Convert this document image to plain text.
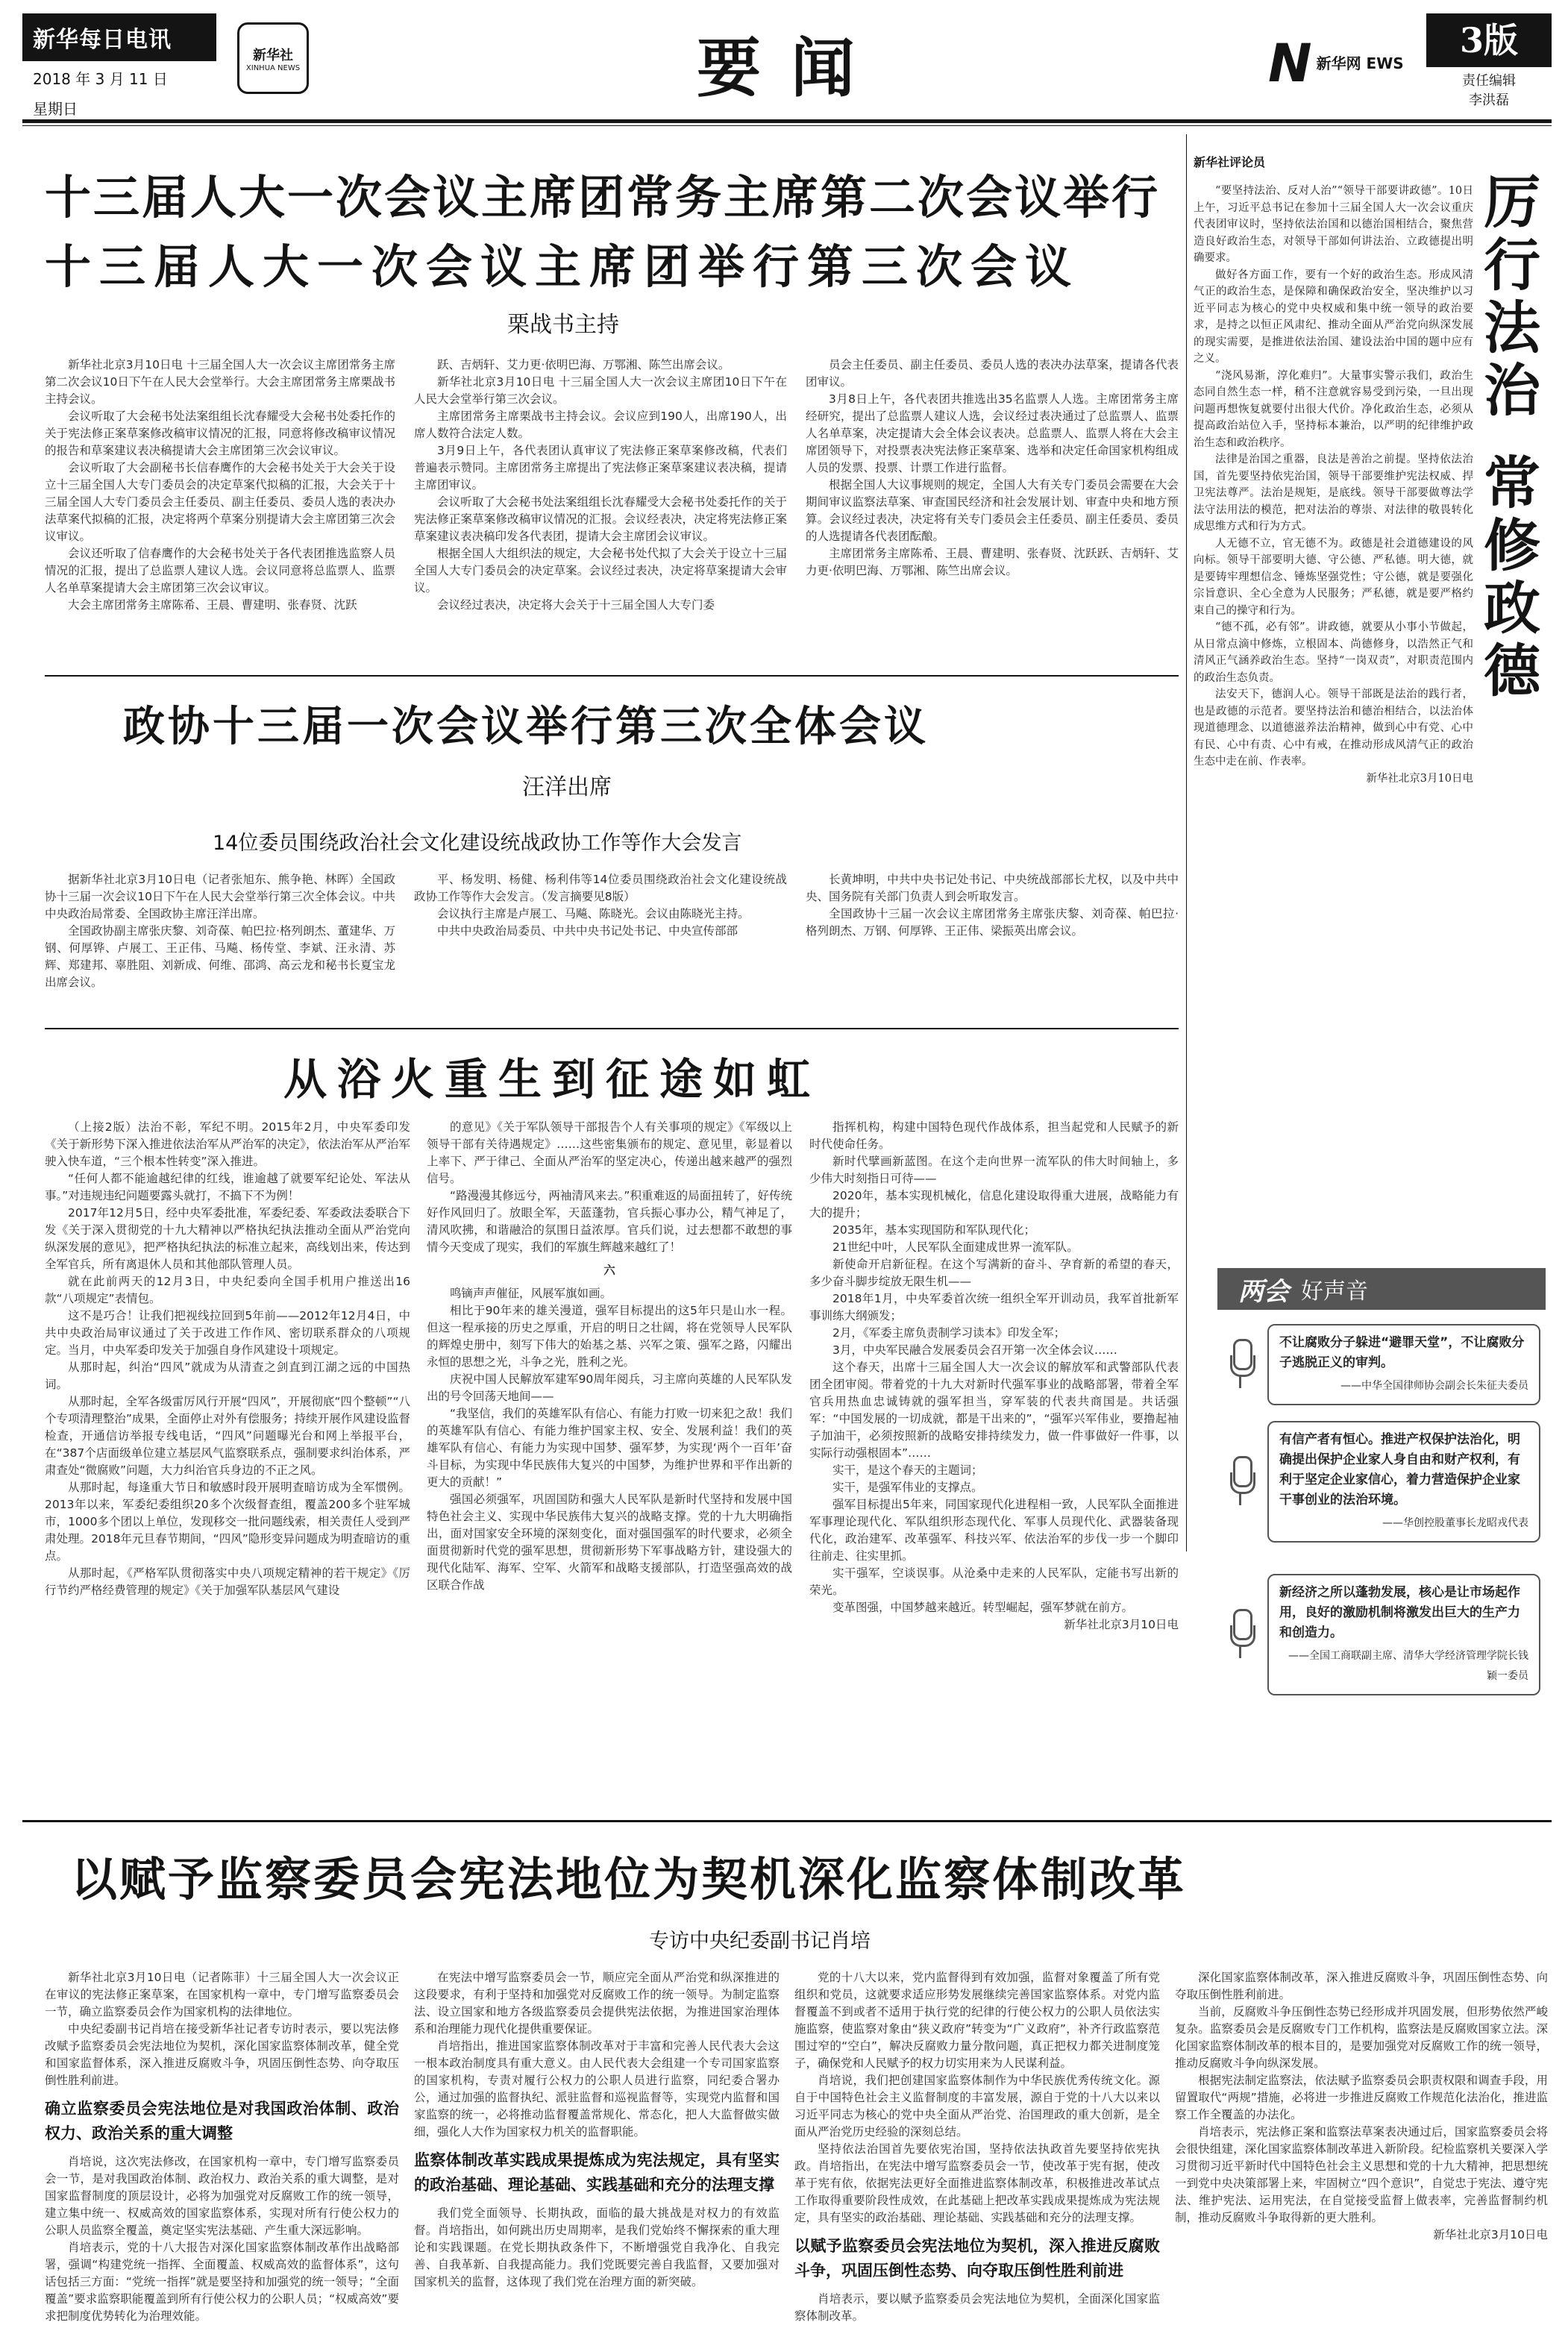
新华每日电讯
2018 年 3 月 11 日
星期日
新华社
XINHUA NEWS	要闻	N 新华网 EWS
3版
责任编辑
李洪磊
十三届人大一次会议主席团常务主席第二次会议举行
十三届人大一次会议主席团举行第三次会议
栗战书主持

新华社北京3月10日电 十三届全国人大一次会议主席团常务主席第二次会议10日下午在人民大会堂举行。大会主席团常务主席栗战书主持会议。

会议听取了大会秘书处法案组组长沈春耀受大会秘书处委托作的关于宪法修正案草案修改稿审议情况的汇报，同意将修改稿审议情况的报告和草案建议表决稿提请大会主席团第三次会议审议。

会议听取了大会副秘书长信春鹰作的大会秘书处关于大会关于设立十三届全国人大专门委员会的决定草案代拟稿的汇报，大会关于十三届全国人大专门委员会主任委员、副主任委员、委员人选的表决办法草案代拟稿的汇报，决定将两个草案分别提请大会主席团第三次会议审议。

会议还听取了信春鹰作的大会秘书处关于各代表团推选监察人员情况的汇报，提出了总监票人建议人选。会议同意将总监票人、监票人名单草案提请大会主席团第三次会议审议。

大会主席团常务主席陈希、王晨、曹建明、张春贤、沈跃

跃、吉炳轩、艾力更·依明巴海、万鄂湘、陈竺出席会议。

新华社北京3月10日电 十三届全国人大一次会议主席团10日下午在人民大会堂举行第三次会议。

主席团常务主席栗战书主持会议。会议应到190人，出席190人，出席人数符合法定人数。

3月9日上午，各代表团认真审议了宪法修正案草案修改稿，代表们普遍表示赞同。主席团常务主席提出了宪法修正案草案建议表决稿，提请主席团审议。

会议听取了大会秘书处法案组组长沈春耀受大会秘书处委托作的关于宪法修正案草案修改稿审议情况的汇报。会议经表决，决定将宪法修正案草案建议表决稿印发各代表团，提请大会主席团会议审议。

根据全国人大组织法的规定，大会秘书处代拟了大会关于设立十三届全国人大专门委员会的决定草案。会议经过表决，决定将草案提请大会审议。

会议经过表决，决定将大会关于十三届全国人大专门委

员会主任委员、副主任委员、委员人选的表决办法草案，提请各代表团审议。

3月8日上午，各代表团共推选出35名监票人人选。主席团常务主席经研究，提出了总监票人建议人选，会议经过表决通过了总监票人、监票人名单草案，决定提请大会全体会议表决。总监票人、监票人将在大会主席团领导下，对投票表决宪法修正案草案、选举和决定任命国家机构组成人员的发票、投票、计票工作进行监督。

根据全国人大议事规则的规定，全国人大有关专门委员会需要在大会期间审议监察法草案、审查国民经济和社会发展计划、审查中央和地方预算。会议经过表决，决定将有关专门委员会主任委员、副主任委员、委员的人选提请各代表团酝酿。

主席团常务主席陈希、王晨、曹建明、张春贤、沈跃跃、吉炳轩、艾力更·依明巴海、万鄂湘、陈竺出席会议。

政协十三届一次会议举行第三次全体会议
汪洋出席
14位委员围绕政治社会文化建设统战政协工作等作大会发言

据新华社北京3月10日电（记者张旭东、熊争艳、林晖）全国政协十三届一次会议10日下午在人民大会堂举行第三次全体会议。中共中央政治局常委、全国政协主席汪洋出席。

全国政协副主席张庆黎、刘奇葆、帕巴拉·格列朗杰、董建华、万钢、何厚铧、卢展工、王正伟、马飚、杨传堂、李斌、汪永清、苏辉、郑建邦、辜胜阻、刘新成、何维、邵鸿、高云龙和秘书长夏宝龙出席会议。

平、杨发明、杨健、杨利伟等14位委员围绕政治社会文化建设统战政协工作等作大会发言。（发言摘要见8版）

会议执行主席是卢展工、马飚、陈晓光。会议由陈晓光主持。

中共中央政治局委员、中共中央书记处书记、中央宣传部部

长黄坤明，中共中央书记处书记、中央统战部部长尤权，以及中共中央、国务院有关部门负责人到会听取发言。

全国政协十三届一次会议主席团常务主席张庆黎、刘奇葆、帕巴拉·格列朗杰、万钢、何厚铧、王正伟、梁振英出席会议。

从浴火重生到征途如虹

（上接2版）法治不彰，军纪不明。2015年2月，中央军委印发《关于新形势下深入推进依法治军从严治军的决定》，依法治军从严治军驶入快车道，“三个根本性转变”深入推进。

“任何人都不能逾越纪律的红线，谁逾越了就要军纪论处、军法从事。”对违规违纪问题要露头就打，不搞下不为例！

2017年12月5日，经中央军委批准，军委纪委、军委政法委联合下发《关于深入贯彻党的十九大精神以严格执纪执法推动全面从严治党向纵深发展的意见》，把严格执纪执法的标准立起来，高线划出来，传达到全军官兵，所有离退休人员和其他部队管理人员。

就在此前两天的12月3日，中央纪委向全国手机用户推送出16款“八项规定”表情包。

这不是巧合！让我们把视线拉回到5年前——2012年12月4日，中共中央政治局审议通过了关于改进工作作风、密切联系群众的八项规定。当月，中央军委印发关于加强自身作风建设十项规定。

从那时起，纠治“四风”就成为从清查之剑直到江湖之远的中国热词。

从那时起，全军各级雷厉风行开展“四风”，开展彻底“四个整顿”“八个专项清理整治”成果，全面停止对外有偿服务；持续开展作风建设监督检查，开通信访举报专线电话，“四风”问题曝光台和网上举报平台，在“387个店面级单位建立基层风气监察联系点，强制要求纠治体系，严肃查处“微腐败”问题，大力纠治官兵身边的不正之风。

从那时起，每逢重大节日和敏感时段开展明查暗访成为全军惯例。2013年以来，军委纪委组织20多个次级督查组，覆盖200多个驻军城市，1000多个团以上单位，发现移交一批问题线索，相关责任人受到严肃处理。2018年元旦春节期间，“四风”隐形变异问题成为明查暗访的重点。

从那时起，《严格军队贯彻落实中央八项规定精神的若干规定》《厉行节约严格经费管理的规定》《关于加强军队基层风气建设

的意见》《关于军队领导干部报告个人有关事项的规定》《军级以上领导干部有关待遇规定》……这些密集颁布的规定、意见里，彰显着以上率下、严于律己、全面从严治军的坚定决心，传递出越来越严的强烈信号。

“路漫漫其修远兮，两袖清风来去。”积重难返的局面扭转了，好传统好作风回归了。放眼全军，天蓝蓬勃，官兵振心事办公，精气神足了，清风吹拂，和谐融洽的氛围日益浓厚。官兵们说，过去想都不敢想的事情今天变成了现实，我们的军旗生辉越来越红了！

六

鸣镝声声催征，风展军旗如画。

相比于90年来的雄关漫道，强军目标提出的这5年只是山水一程。但这一程承接的历史之厚重，开启的明日之壮阔，将在党领导人民军队的辉煌史册中，刻写下伟大的始基之基、兴军之策、强军之路，闪耀出永恒的思想之光，斗争之光，胜利之光。

庆祝中国人民解放军建军90周年阅兵，习主席向英雄的人民军队发出的号令回荡天地间——

“我坚信，我们的英雄军队有信心、有能力打败一切来犯之敌！我们的英雄军队有信心、有能力维护国家主权、安全、发展利益！我们的英雄军队有信心、有能力为实现中国梦、强军梦，为实现‘两个一百年’奋斗目标，为实现中华民族伟大复兴的中国梦，为维护世界和平作出新的更大的贡献！”

强国必须强军，巩固国防和强大人民军队是新时代坚持和发展中国特色社会主义、实现中华民族伟大复兴的战略支撑。党的十九大明确指出，面对国家安全环境的深刻变化，面对强国强军的时代要求，必须全面贯彻新时代党的强军思想，贯彻新形势下军事战略方针，建设强大的现代化陆军、海军、空军、火箭军和战略支援部队，打造坚强高效的战区联合作战

指挥机构，构建中国特色现代作战体系，担当起党和人民赋予的新时代使命任务。

新时代擘画新蓝图。在这个走向世界一流军队的伟大时间轴上，多少伟大时刻指日可待——

2020年，基本实现机械化，信息化建设取得重大进展，战略能力有大的提升；

2035年，基本实现国防和军队现代化；

21世纪中叶，人民军队全面建成世界一流军队。

新使命开启新征程。在这个写满新的奋斗、孕育新的希望的春天，多少奋斗脚步绽放无限生机——

2018年1月，中央军委首次统一组织全军开训动员，我军首批新军事训练大纲颁发；

2月，《军委主席负责制学习读本》印发全军；

3月，中央军民融合发展委员会召开第一次全体会议……

这个春天，出席十三届全国人大一次会议的解放军和武警部队代表团全团审阅。带着党的十九大对新时代强军事业的战略部署，带着全军官兵用热血忠诚铸就的强军担当，穿军装的代表共商国是。共话强军：“中国发展的一切成就，都是干出来的”，“强军兴军伟业，要撸起袖子加油干，必须按照新的战略安排持续发力，做一件事做好一件事，以实际行动强根固本”……

实干，是这个春天的主题词；

实干，是强军伟业的支撑点。

强军目标提出5年来，同国家现代化进程相一致，人民军队全面推进军事理论现代化、军队组织形态现代化、军事人员现代化、武器装备现代化，政治建军、改革强军、科技兴军、依法治军的步伐一步一个脚印往前走、往实里抓。

实干强军，空谈误事。从沧桑中走来的人民军队，定能书写出新的荣光。

变革图强，中国梦越来越近。转型崛起，强军梦就在前方。

新华社北京3月10日电

新华社评论员
厉
行
法
治
常
修
政
德

“要坚持法治、反对人治”“领导干部要讲政德”。10日上午，习近平总书记在参加十三届全国人大一次会议重庆代表团审议时，坚持依法治国和以德治国相结合，聚焦营造良好政治生态，对领导干部如何讲法治、立政德提出明确要求。

做好各方面工作，要有一个好的政治生态。形成风清气正的政治生态，是保障和确保政治安全，坚决维护以习近平同志为核心的党中央权威和集中统一领导的政治要求，是持之以恒正风肃纪、推动全面从严治党向纵深发展的现实需要，是推进依法治国、建设法治中国的题中应有之义。

“浇风易渐，淳化难归”。大量事实警示我们，政治生态同自然生态一样，稍不注意就容易受到污染，一旦出现问题再想恢复就要付出很大代价。净化政治生态，必须从提高政治站位入手，坚持标本兼治，以严明的纪律维护政治生态和政治秩序。

法律是治国之重器，良法是善治之前提。坚持依法治国，首先要坚持依宪治国，领导干部要维护宪法权威、捍卫宪法尊严。法治是规矩，是底线。领导干部要做尊法学法守法用法的模范，把对法治的尊崇、对法律的敬畏转化成思维方式和行为方式。

人无德不立，官无德不为。政德是社会道德建设的风向标。领导干部要明大德、守公德、严私德。明大德，就是要铸牢理想信念、锤炼坚强党性；守公德，就是要强化宗旨意识、全心全意为人民服务；严私德，就是要严格约束自己的操守和行为。

“德不孤，必有邻”。讲政德，就要从小事小节做起，从日常点滴中修炼，立根固本、尚德修身，以浩然正气和清风正气涵养政治生态。坚持“一岗双责”，对职责范围内的政治生态负责。

法安天下，德润人心。领导干部既是法治的践行者，也是政德的示范者。要坚持法治和德治相结合，以法治体现道德理念、以道德滋养法治精神，做到心中有党、心中有民、心中有责、心中有戒，在推动形成风清气正的政治生态中走在前、作表率。

新华社北京3月10日电

两会 好声音
不让腐败分子躲进“避罪天堂”，不让腐败分子逃脱正义的审判。
——中华全国律师协会副会长朱征夫委员
有信产者有恒心。推进产权保护法治化，明确提出保护企业家人身自由和财产权利，有利于坚定企业家信心，着力营造保护企业家干事创业的法治环境。
——华创控股董事长龙昭戎代表
新经济之所以蓬勃发展，核心是让市场起作用，良好的激励机制将激发出巨大的生产力和创造力。
——全国工商联副主席、清华大学经济管理学院长钱颖一委员
以赋予监察委员会宪法地位为契机深化监察体制改革
专访中央纪委副书记肖培

新华社北京3月10日电（记者陈菲）十三届全国人大一次会议正在审议的宪法修正案草案，在国家机构一章中，专门增写监察委员会一节，确立监察委员会作为国家机构的法律地位。

中央纪委副书记肖培在接受新华社记者专访时表示，要以宪法修改赋予监察委员会宪法地位为契机，深化国家监察体制改革，健全党和国家监督体系，深入推进反腐败斗争，巩固压倒性态势、向夺取压倒性胜利前进。

确立监察委员会宪法地位是对我国政治体制、政治权力、政治关系的重大调整

肖培说，这次宪法修改，在国家机构一章中，专门增写监察委员会一节，是对我国政治体制、政治权力、政治关系的重大调整，是对国家监督制度的顶层设计，必将为加强党对反腐败工作的统一领导，建立集中统一、权威高效的国家监察体系，实现对所有行使公权力的公职人员监察全覆盖，奠定坚实宪法基础、产生重大深远影响。

肖培表示，党的十八大报告对深化国家监察体制改革作出战略部署，强调“构建党统一指挥、全面覆盖、权威高效的监督体系”，这句话包括三方面：“党统一指挥”就是要坚持和加强党的统一领导；“全面覆盖”要求监察职能覆盖到所有行使公权力的公职人员；“权威高效”要求把制度优势转化为治理效能。

在宪法中增写监察委员会一节，顺应完全面从严治党和纵深推进的这段要求，有利于坚持和加强党对反腐败工作的统一领导。为制定监察法、设立国家和地方各级监察委员会提供宪法依据，为推进国家治理体系和治理能力现代化提供重要保证。

肖培指出，推进国家监察体制改革对于丰富和完善人民代表大会这一根本政治制度具有重大意义。由人民代表大会组建一个专司国家监察的国家机构，专责对履行公权力的公职人员进行监察，同纪委合署办公，通过加强的监督执纪、派驻监督和巡视监督等，实现党内监督和国家监察的统一，必将推动监督覆盖常规化、常态化，把人大监督做实做细，强化人大作为国家权力机关的监督职能。

监察体制改革实践成果提炼成为宪法规定，具有坚实的政治基础、理论基础、实践基础和充分的法理支撑

我们党全面领导、长期执政，面临的最大挑战是对权力的有效监督。肖培指出，如何跳出历史周期率，是我们党始终不懈探索的重大理论和实践课题。在党长期执政条件下，不断增强党自我净化、自我完善、自我革新、自我提高能力。我们党既要完善自我监督，又要加强对国家机关的监督，这体现了我们党在治理方面的新突破。

党的十八大以来，党内监督得到有效加强，监督对象覆盖了所有党组织和党员，这就要求适应形势发展继续完善国家监察体系。对党内监督覆盖不到或者不适用于执行党的纪律的行使公权力的公职人员依法实施监察，使监察对象由“狭义政府”转变为“广义政府”，补齐行政监察范围过窄的“空白”，解决反腐败力量分散问题，真正把权力都关进制度笼子，确保党和人民赋予的权力切实用来为人民谋利益。

肖培说，我们把创建国家监察体制作为中华民族优秀传统文化。源自于中国特色社会主义监督制度的丰富发展，源自于党的十八大以来以习近平同志为核心的党中央全面从严治党、治国理政的重大创新，是全面从严治党历史经验的深刻总结。

坚持依法治国首先要依宪治国，坚持依法执政首先要坚持依宪执政。肖培指出，在宪法中增写监察委员会一节，使改革于宪有据，使改革于宪有依，依据宪法更好全面推进监察体制改革，积极推进改革试点工作取得重要阶段性成效，在此基础上把改革实践成果提炼成为宪法规定，具有坚实的政治基础、理论基础、实践基础和充分的法理支撑。

以赋予监察委员会宪法地位为契机，深入推进反腐败斗争，巩固压倒性态势、向夺取压倒性胜利前进

肖培表示，要以赋予监察委员会宪法地位为契机，全面深化国家监察体制改革。

深化国家监察体制改革，深入推进反腐败斗争，巩固压倒性态势、向夺取压倒性胜利前进。

当前，反腐败斗争压倒性态势已经形成并巩固发展，但形势依然严峻复杂。监察委员会是反腐败专门工作机构，监察法是反腐败国家立法。深化国家监察体制改革的根本目的，是要加强党对反腐败工作的统一领导，推动反腐败斗争向纵深发展。

根据宪法制定监察法，依法赋予监察委员会职责权限和调查手段，用留置取代“两规”措施，必将进一步推进反腐败工作规范化法治化，推进监察工作全覆盖的办法化。

肖培表示，宪法修正案和监察法草案表决通过后，国家监察委员会将会很快组建，深化国家监察体制改革进入新阶段。纪检监察机关要深入学习贯彻习近平新时代中国特色社会主义思想和党的十九大精神，把思想统一到党中央决策部署上来，牢固树立“四个意识”，自觉忠于宪法、遵守宪法、维护宪法、运用宪法，在自觉接受监督上做表率，完善监督制约机制，推动反腐败斗争取得新的更大胜利。

新华社北京3月10日电
